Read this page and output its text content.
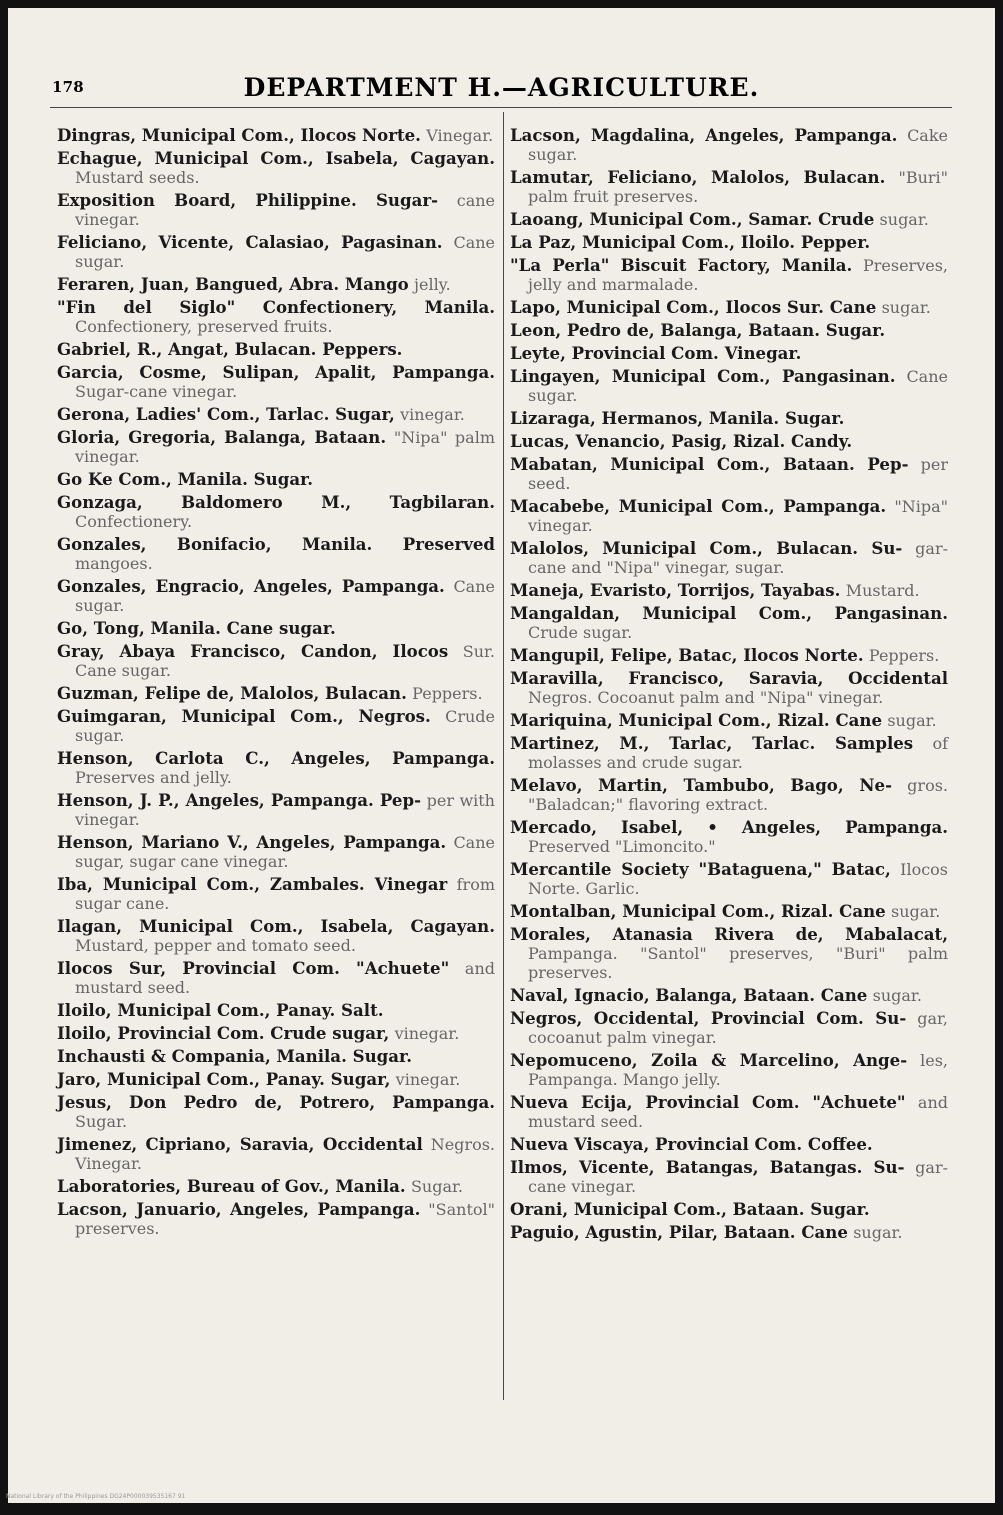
178	DEPARTMENT H.—AGRICULTURE.
Dingras, Municipal Com., Ilocos Norte. Vinegar.
Echague, Municipal Com., Isabela, Cagayan. Mustard seeds.
Exposition Board, Philippine. Sugar- cane vinegar.
Feliciano, Vicente, Calasiao, Pagasinan. Cane sugar.
Feraren, Juan, Bangued, Abra. Mango jelly.
"Fin del Siglo" Confectionery, Manila. Confectionery, preserved fruits.
Gabriel, R., Angat, Bulacan. Peppers.
Garcia, Cosme, Sulipan, Apalit, Pampanga. Sugar-cane vinegar.
Gerona, Ladies' Com., Tarlac. Sugar, vinegar.
Gloria, Gregoria, Balanga, Bataan. "Nipa" palm vinegar.
Go Ke Com., Manila. Sugar.
Gonzaga, Baldomero M., Tagbilaran. Confectionery.
Gonzales, Bonifacio, Manila. Preserved mangoes.
Gonzales, Engracio, Angeles, Pampanga. Cane sugar.
Go, Tong, Manila. Cane sugar.
Gray, Abaya Francisco, Candon, Ilocos Sur. Cane sugar.
Guzman, Felipe de, Malolos, Bulacan. Peppers.
Guimgaran, Municipal Com., Negros. Crude sugar.
Henson, Carlota C., Angeles, Pampanga. Preserves and jelly.
Henson, J. P., Angeles, Pampanga. Pep- per with vinegar.
Henson, Mariano V., Angeles, Pampanga. Cane sugar, sugar cane vinegar.
Iba, Municipal Com., Zambales. Vinegar from sugar cane.
Ilagan, Municipal Com., Isabela, Cagayan. Mustard, pepper and tomato seed.
Ilocos Sur, Provincial Com. "Achuete" and mustard seed.
Iloilo, Municipal Com., Panay. Salt.
Iloilo, Provincial Com. Crude sugar, vinegar.
Inchausti & Compania, Manila. Sugar.
Jaro, Municipal Com., Panay. Sugar, vinegar.
Jesus, Don Pedro de, Potrero, Pampanga. Sugar.
Jimenez, Cipriano, Saravia, Occidental Negros. Vinegar.
Laboratories, Bureau of Gov., Manila. Sugar.
Lacson, Januario, Angeles, Pampanga. "Santol" preserves.
Lacson, Magdalina, Angeles, Pampanga. Cake sugar.
Lamutar, Feliciano, Malolos, Bulacan. "Buri" palm fruit preserves.
Laoang, Municipal Com., Samar. Crude sugar.
La Paz, Municipal Com., Iloilo. Pepper.
"La Perla" Biscuit Factory, Manila. Preserves, jelly and marmalade.
Lapo, Municipal Com., Ilocos Sur. Cane sugar.
Leon, Pedro de, Balanga, Bataan. Sugar.
Leyte, Provincial Com. Vinegar.
Lingayen, Municipal Com., Pangasinan. Cane sugar.
Lizaraga, Hermanos, Manila. Sugar.
Lucas, Venancio, Pasig, Rizal. Candy.
Mabatan, Municipal Com., Bataan. Pep- per seed.
Macabebe, Municipal Com., Pampanga. "Nipa" vinegar.
Malolos, Municipal Com., Bulacan. Su- gar-cane and "Nipa" vinegar, sugar.
Maneja, Evaristo, Torrijos, Tayabas. Mustard.
Mangaldan, Municipal Com., Pangasinan. Crude sugar.
Mangupil, Felipe, Batac, Ilocos Norte. Peppers.
Maravilla, Francisco, Saravia, Occidental Negros. Cocoanut palm and "Nipa" vinegar.
Mariquina, Municipal Com., Rizal. Cane sugar.
Martinez, M., Tarlac, Tarlac. Samples of molasses and crude sugar.
Melavo, Martin, Tambubo, Bago, Ne- gros. "Baladcan;" flavoring extract.
Mercado, Isabel, • Angeles, Pampanga. Preserved "Limoncito."
Mercantile Society "Bataguena," Batac, Ilocos Norte. Garlic.
Montalban, Municipal Com., Rizal. Cane sugar.
Morales, Atanasia Rivera de, Mabalacat, Pampanga. "Santol" preserves, "Buri" palm preserves.
Naval, Ignacio, Balanga, Bataan. Cane sugar.
Negros, Occidental, Provincial Com. Su- gar, cocoanut palm vinegar.
Nepomuceno, Zoila & Marcelino, Ange- les, Pampanga. Mango jelly.
Nueva Ecija, Provincial Com. "Achuete" and mustard seed.
Nueva Viscaya, Provincial Com. Coffee.
Ilmos, Vicente, Batangas, Batangas. Su- gar-cane vinegar.
Orani, Municipal Com., Bataan. Sugar.
Paguio, Agustin, Pilar, Bataan. Cane sugar.
National Library of the Philippines DG24P000039535167 91
